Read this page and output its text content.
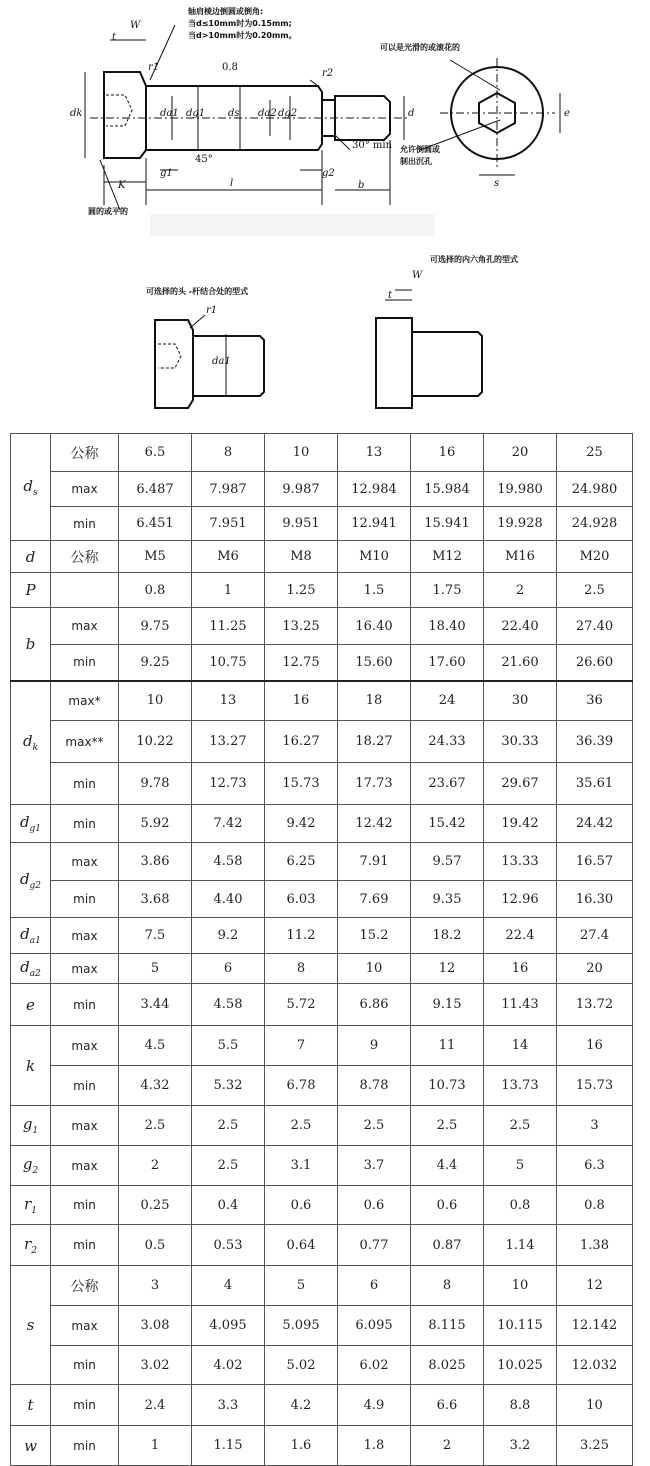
轴肩棱边倒圆或倒角:
当d≤10mm时为0.15mm;
当d>10mm时为0.20mm。
可以是光滑的或滚花的
允许倒圆或
制出沉孔
圆的或平的
可选择的头 -杆结合处的型式
可选择的内六角孔的型式
W
t
r1
r2
0.8
dk	da1 dg1 ds da2 dg2	d
45°
30° min
g1	g2
K	l	b
e
s
W
t
r1
da1
$d_s$	公称	6.5	8	10	13	16	20	25
	max	6.487	7.987	9.987	12.984	15.984	19.980	24.980
	min	6.451	7.951	9.951	12.941	15.941	19.928	24.928
d	公称	M5	M6	M8	M10	M12	M16	M20
P		0.8	1	1.25	1.5	1.75	2	2.5
b	max	9.75	11.25	13.25	16.40	18.40	22.40	27.40
	min	9.25	10.75	12.75	15.60	17.60	21.60	26.60
$d_k$	max*	10	13	16	18	24	30	36
	max**	10.22	13.27	16.27	18.27	24.33	30.33	36.39
	min	9.78	12.73	15.73	17.73	23.67	29.67	35.61
$d_{g1}$	min	5.92	7.42	9.42	12.42	15.42	19.42	24.42
$d_{g2}$	max	3.86	4.58	6.25	7.91	9.57	13.33	16.57
	min	3.68	4.40	6.03	7.69	9.35	12.96	16.30
$d_{a1}$	max	7.5	9.2	11.2	15.2	18.2	22.4	27.4
$d_{a2}$	max	5	6	8	10	12	16	20
e	min	3.44	4.58	5.72	6.86	9.15	11.43	13.72
k	max	4.5	5.5	7	9	11	14	16
	min	4.32	5.32	6.78	8.78	10.73	13.73	15.73
$g_1$	max	2.5	2.5	2.5	2.5	2.5	2.5	3
$g_2$	max	2	2.5	3.1	3.7	4.4	5	6.3
$r_1$	min	0.25	0.4	0.6	0.6	0.6	0.8	0.8
$r_2$	min	0.5	0.53	0.64	0.77	0.87	1.14	1.38
s	公称	3	4	5	6	8	10	12
	max	3.08	4.095	5.095	6.095	8.115	10.115	12.142
	min	3.02	4.02	5.02	6.02	8.025	10.025	12.032
t	min	2.4	3.3	4.2	4.9	6.6	8.8	10
w	min	1	1.15	1.6	1.8	2	3.2	3.25
